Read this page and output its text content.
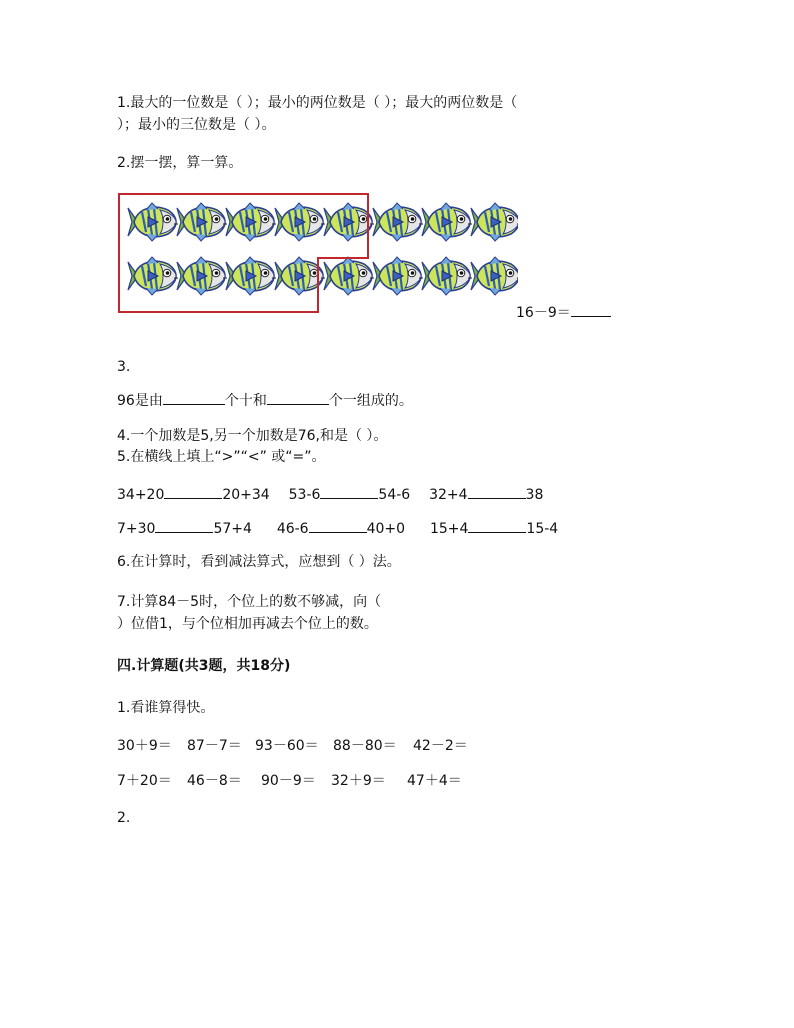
1.最大的一位数是（ ）；最小的两位数是（ ）；最大的两位数是（
）；最小的三位数是（ ）。
2.摆一摆，算一算。
16－9＝
3.
96是由	个十和	个一组成的。
4.一个加数是5,另一个加数是76,和是（ ）。
5.在横线上填上“>”“<” 或“=”。
34+20	20+34 53-6	54-6 32+4	38
7+30	57+4 46-6	40+0 15+4	15-4
6.在计算时，看到减法算式，应想到（ ）法。
7.计算84－5时，个位上的数不够减，向（
）位借1，与个位相加再减去个位上的数。
四.计算题(共3题，共18分)
1.看谁算得快。
30＋9＝ 87－7＝ 93－60＝ 88－80＝ 42－2＝
7＋20＝ 46－8＝ 90－9＝ 32＋9＝ 47＋4＝
2.
